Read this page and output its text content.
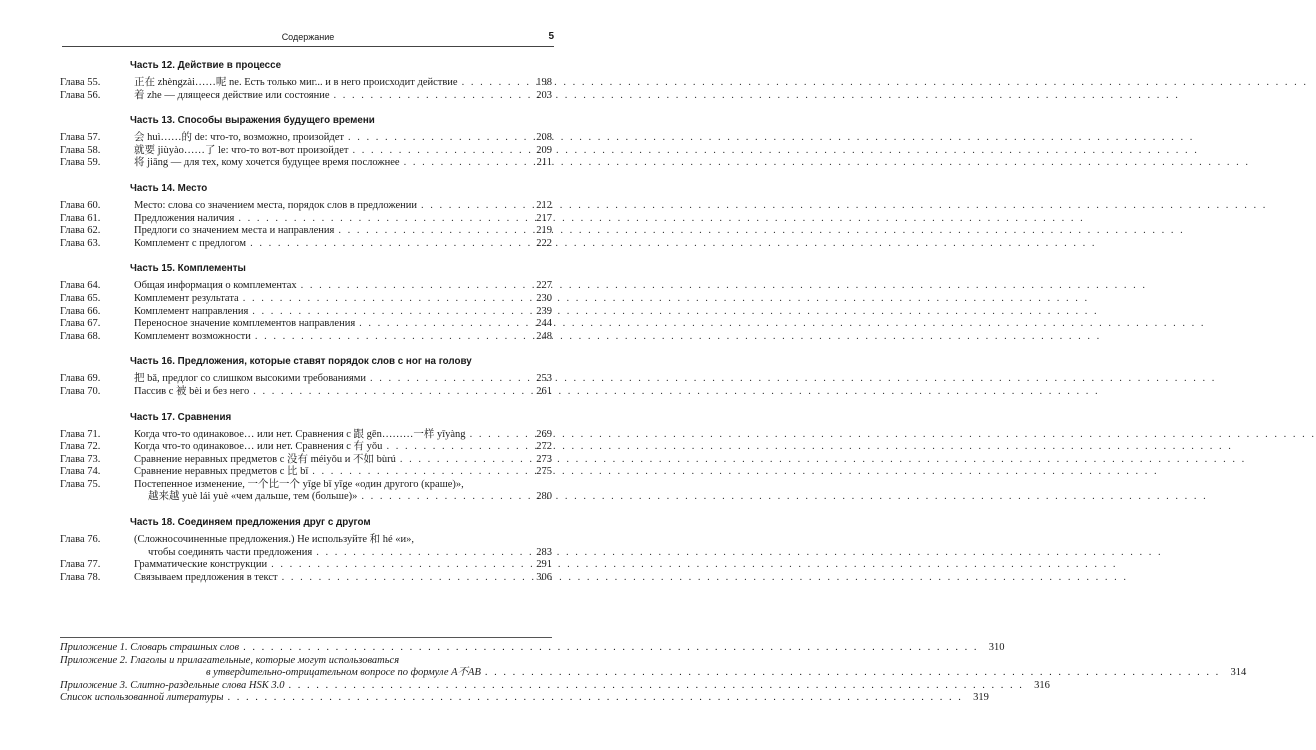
Содержание	5
Часть 12. Действие в процессе
Глава 55.	正在 zhèngzài……呢 ne. Есть только миг... и в него происходит действие . . .	198
Глава 56.	着 zhe — длящееся действие или состояние . . .	203
Часть 13. Способы выражения будущего времени
Глава 57.	会 huì……的 de: что-то, возможно, произойдет . . .	208
Глава 58.	就要 jiùyào……了 le: что-то вот-вот произойдет . . .	209
Глава 59.	将 jiāng — для тех, кому хочется будущее время посложнее . . .	211
Часть 14. Место
Глава 60.	Место: слова со значением места, порядок слов в предложении . . .	212
Глава 61.	Предложения наличия . . .	217
Глава 62.	Предлоги со значением места и направления . . .	219
Глава 63.	Комплемент с предлогом . . .	222
Часть 15. Комплементы
Глава 64.	Общая информация о комплементах . . .	227
Глава 65.	Комплемент результата . . .	230
Глава 66.	Комплемент направления . . .	239
Глава 67.	Переносное значение комплементов направления . . .	244
Глава 68.	Комплемент возможности . . .	248
Часть 16. Предложения, которые ставят порядок слов с ног на голову
Глава 69.	把 bǎ, предлог со слишком высокими требованиями . . .	253
Глава 70.	Пассив с 被 bèi и без него . . .	261
Часть 17. Сравнения
Глава 71.	Когда что-то одинаковое… или нет. Сравнения с 跟 gēn………一样 yīyàng . . .	269
Глава 72.	Когда что-то одинаковое… или нет. Сравнения с 有 yǒu . . .	272
Глава 73.	Сравнение неравных предметов с 没有 méiyǒu и 不如 bùrú . . .	273
Глава 74.	Сравнение неравных предметов с 比 bǐ . . .	275
Глава 75.	Постепенное изменение, 一个比一个 yīge bǐ yīge «один другого (краше)»,
越来越 yuè lái yuè «чем дальше, тем (больше)» . . .	280
Часть 18. Соединяем предложения друг с другом
Глава 76.	(Сложносочиненные предложения.) Не используйте 和 hé «и»,
чтобы соединять части предложения . . .	283
Глава 77.	Грамматические конструкции . . .	291
Глава 78.	Связываем предложения в текст . . .	306
Приложение 1. Словарь страшных слов . . .	310
Приложение 2. Глаголы и прилагательные, которые могут использоваться
в утвердительно-отрицательном вопросе по формуле A不AB . . .	314
Приложение 3. Слитно-раздельные слова HSK 3.0 . . .	316
Список использованной литературы . . .	319
